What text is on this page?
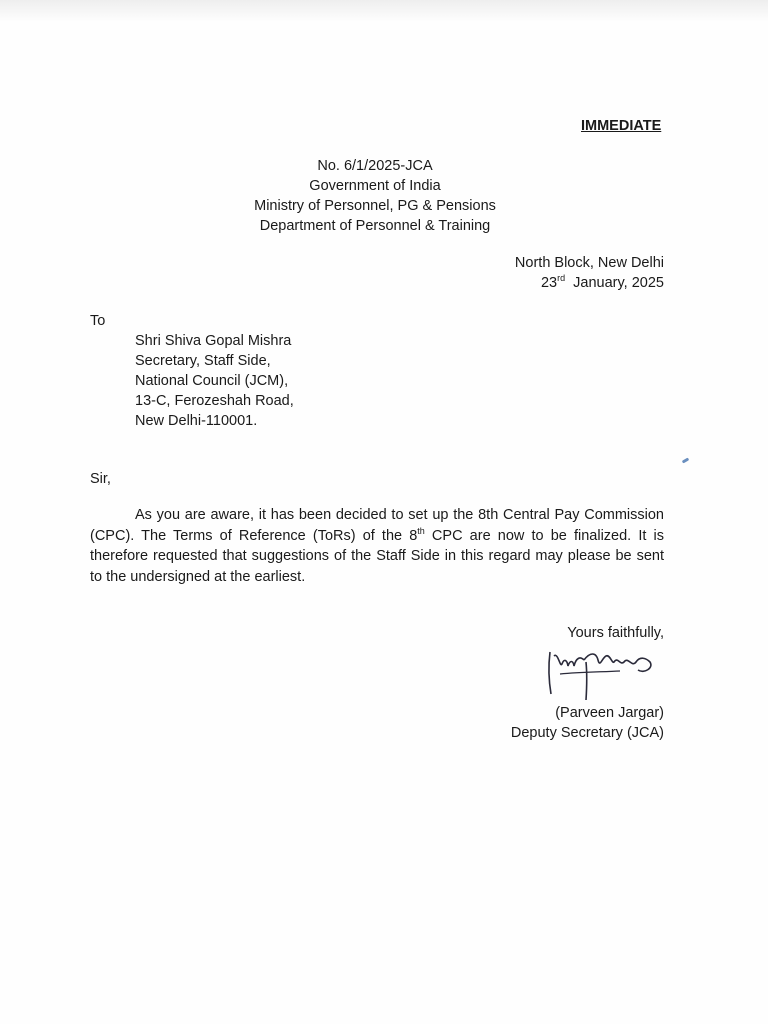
IMMEDIATE
No. 6/1/2025-JCA
Government of India
Ministry of Personnel, PG & Pensions
Department of Personnel & Training
North Block, New Delhi
23rd January, 2025
To
Shri Shiva Gopal Mishra
Secretary, Staff Side,
National Council (JCM),
13-C, Ferozeshah Road,
New Delhi-110001.
Sir,

As you are aware, it has been decided to set up the 8th Central Pay Commission (CPC). The Terms of Reference (ToRs) of the 8th CPC are now to be finalized. It is therefore requested that suggestions of the Staff Side in this regard may please be sent to the undersigned at the earliest.

Yours faithfully,
(Parveen Jargar)
Deputy Secretary (JCA)
